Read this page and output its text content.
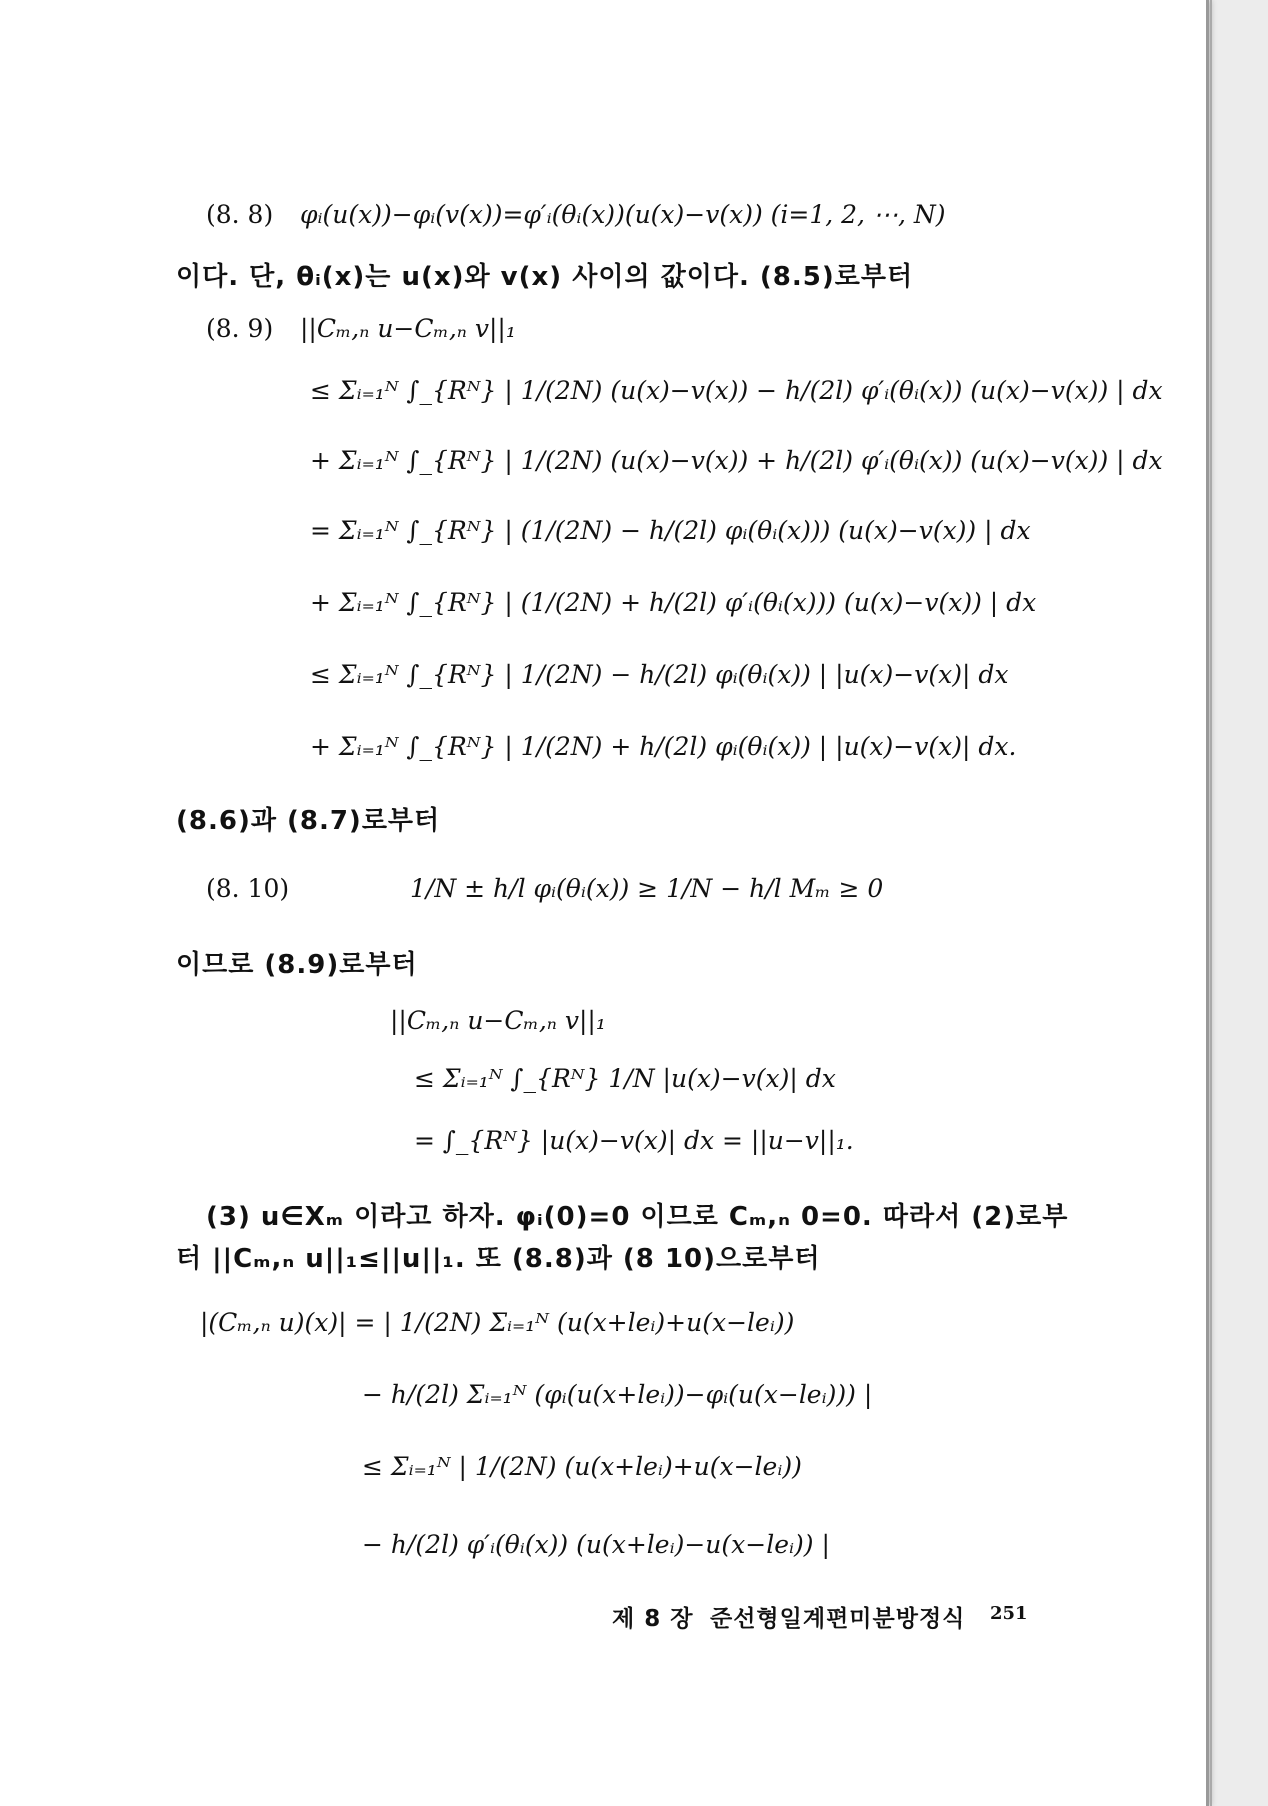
(8. 8) φᵢ(u(x))−φᵢ(v(x))=φ′ᵢ(θᵢ(x))(u(x)−v(x)) (i=1, 2, ⋯, N)
이다. 단, θᵢ(x)는 u(x)와 v(x) 사이의 값이다. (8.5)로부터
(8. 9) ||Cₘ,ₙ u−Cₘ,ₙ v||₁
≤ Σᵢ₌₁ᴺ ∫_{Rᴺ} | 1/(2N) (u(x)−v(x)) − h/(2l) φ′ᵢ(θᵢ(x)) (u(x)−v(x)) | dx
+ Σᵢ₌₁ᴺ ∫_{Rᴺ} | 1/(2N) (u(x)−v(x)) + h/(2l) φ′ᵢ(θᵢ(x)) (u(x)−v(x)) | dx
= Σᵢ₌₁ᴺ ∫_{Rᴺ} | (1/(2N) − h/(2l) φᵢ(θᵢ(x))) (u(x)−v(x)) | dx
+ Σᵢ₌₁ᴺ ∫_{Rᴺ} | (1/(2N) + h/(2l) φ′ᵢ(θᵢ(x))) (u(x)−v(x)) | dx
≤ Σᵢ₌₁ᴺ ∫_{Rᴺ} | 1/(2N) − h/(2l) φᵢ(θᵢ(x)) | |u(x)−v(x)| dx
+ Σᵢ₌₁ᴺ ∫_{Rᴺ} | 1/(2N) + h/(2l) φᵢ(θᵢ(x)) | |u(x)−v(x)| dx.
(8.6)과 (8.7)로부터
(8. 10)	1/N ± h/l φᵢ(θᵢ(x)) ≥ 1/N − h/l Mₘ ≥ 0
이므로 (8.9)로부터
||Cₘ,ₙ u−Cₘ,ₙ v||₁
≤ Σᵢ₌₁ᴺ ∫_{Rᴺ} 1/N |u(x)−v(x)| dx
= ∫_{Rᴺ} |u(x)−v(x)| dx = ||u−v||₁.
(3) u∈Xₘ 이라고 하자. φᵢ(0)=0 이므로 Cₘ,ₙ 0=0. 따라서 (2)로부
터 ||Cₘ,ₙ u||₁≤||u||₁. 또 (8.8)과 (8 10)으로부터
|(Cₘ,ₙ u)(x)| = | 1/(2N) Σᵢ₌₁ᴺ (u(x+leᵢ)+u(x−leᵢ))
− h/(2l) Σᵢ₌₁ᴺ (φᵢ(u(x+leᵢ))−φᵢ(u(x−leᵢ))) |
≤ Σᵢ₌₁ᴺ | 1/(2N) (u(x+leᵢ)+u(x−leᵢ))
− h/(2l) φ′ᵢ(θᵢ(x)) (u(x+leᵢ)−u(x−leᵢ)) |
제 8 장 준선형일계편미분방정식 251
